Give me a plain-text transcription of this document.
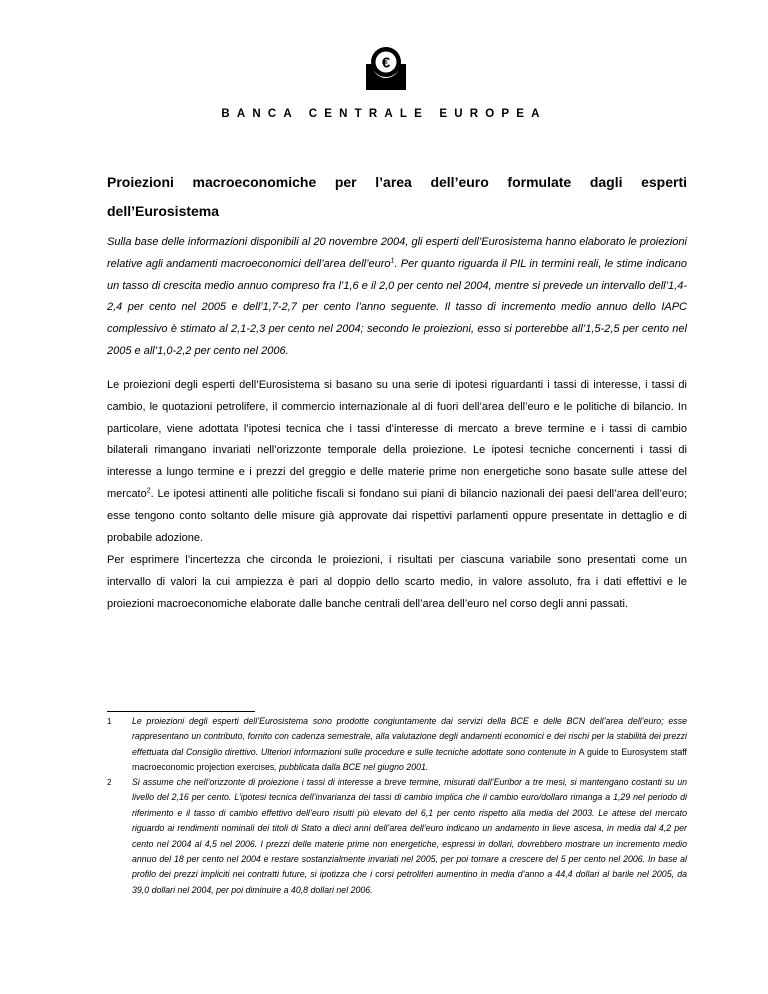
€
BANCA CENTRALE EUROPEA
Proiezioni macroeconomiche per l’area dell’euro formulate dagli esperti
dell’Eurosistema

Sulla base delle informazioni disponibili al 20 novembre 2004, gli esperti dell’Eurosistema hanno elaborato le proiezioni relative agli andamenti macroeconomici dell’area dell’euro$^1$. Per quanto riguarda il PIL in termini reali, le stime indicano un tasso di crescita medio annuo compreso fra l’1,6 e il 2,0 per cento nel 2004, mentre si prevede un intervallo dell’1,4-2,4 per cento nel 2005 e dell’1,7-2,7 per cento l’anno seguente. Il tasso di incremento medio annuo dello IAPC complessivo è stimato al 2,1-2,3 per cento nel 2004; secondo le proiezioni, esso si porterebbe all’1,5-2,5 per cento nel 2005 e all’1,0-2,2 per cento nel 2006.

Le proiezioni degli esperti dell’Eurosistema si basano su una serie di ipotesi riguardanti i tassi di interesse, i tassi di cambio, le quotazioni petrolifere, il commercio internazionale al di fuori dell’area dell’euro e le politiche di bilancio. In particolare, viene adottata l’ipotesi tecnica che i tassi d’interesse di mercato a breve termine e i tassi di cambio bilaterali rimangano invariati nell’orizzonte temporale della proiezione. Le ipotesi tecniche concernenti i tassi di interesse a lungo termine e i prezzi del greggio e delle materie prime non energetiche sono basate sulle attese del mercato$^2$. Le ipotesi attinenti alle politiche fiscali si fondano sui piani di bilancio nazionali dei paesi dell’area dell’euro; esse tengono conto soltanto delle misure già approvate dai rispettivi parlamenti oppure presentate in dettaglio e di probabile adozione.

Per esprimere l’incertezza che circonda le proiezioni, i risultati per ciascuna variabile sono presentati come un intervallo di valori la cui ampiezza è pari al doppio dello scarto medio, in valore assoluto, fra i dati effettivi e le proiezioni macroeconomiche elaborate dalle banche centrali dell’area dell’euro nel corso degli anni passati.

1 Le proiezioni degli esperti dell’Eurosistema sono prodotte congiuntamente dai servizi della BCE e delle BCN dell’area dell’euro; esse rappresentano un contributo, fornito con cadenza semestrale, alla valutazione degli andamenti economici e dei rischi per la stabilità dei prezzi effettuata dal Consiglio direttivo. Ulteriori informazioni sulle procedure e sulle tecniche adottate sono contenute in A guide to Eurosystem staff macroeconomic projection exercises, pubblicata dalla BCE nel giugno 2001.
2 Si assume che nell’orizzonte di proiezione i tassi di interesse a breve termine, misurati dall’Euribor a tre mesi, si mantengano costanti su un livello del 2,16 per cento. L’ipotesi tecnica dell’invarianza dei tassi di cambio implica che il cambio euro/dollaro rimanga a 1,29 nel periodo di riferimento e il tasso di cambio effettivo dell’euro risulti più elevato del 6,1 per cento rispetto alla media del 2003. Le attese del mercato riguardo ai rendimenti nominali dei titoli di Stato a dieci anni dell’area dell’euro indicano un andamento in lieve ascesa, in media dal 4,2 per cento nel 2004 al 4,5 nel 2006. I prezzi delle materie prime non energetiche, espressi in dollari, dovrebbero mostrare un incremento medio annuo del 18 per cento nel 2004 e restare sostanzialmente invariati nel 2005, per poi tornare a crescere del 5 per cento nel 2006. In base al profilo dei prezzi impliciti nei contratti future, si ipotizza che i corsi petroliferi aumentino in media d’anno a 44,4 dollari al barile nel 2005, da 39,0 dollari nel 2004, per poi diminuire a 40,8 dollari nel 2006.
